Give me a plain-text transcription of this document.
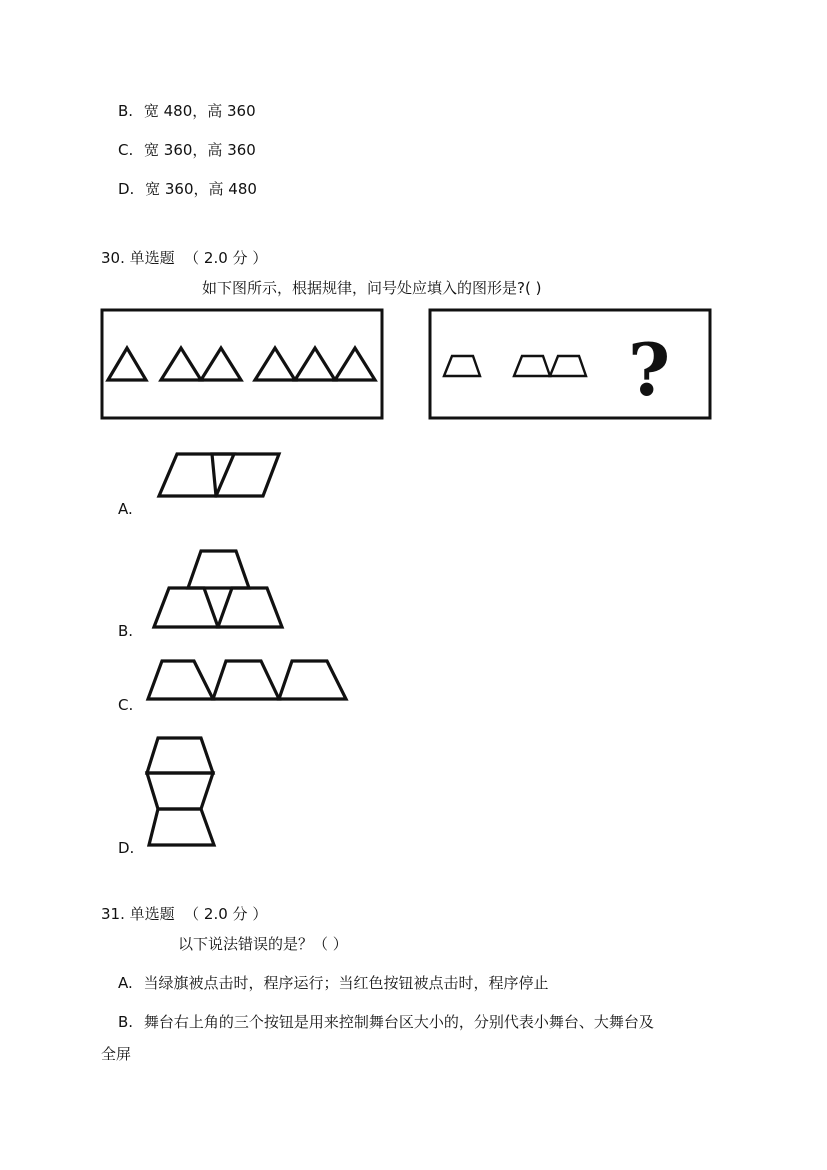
B. 宽 480，高 360
C. 宽 360，高 360
D. 宽 360，高 480
30. 单选题  （ 2.0 分 ）
如下图所示，根据规律，问号处应填入的图形是?( )
?
A.
B.
C.
D.
31. 单选题  （ 2.0 分 ）
以下说法错误的是？（ ）
A. 当绿旗被点击时，程序运行；当红色按钮被点击时，程序停止
B. 舞台右上角的三个按钮是用来控制舞台区大小的，分别代表小舞台、大舞台及
全屏
